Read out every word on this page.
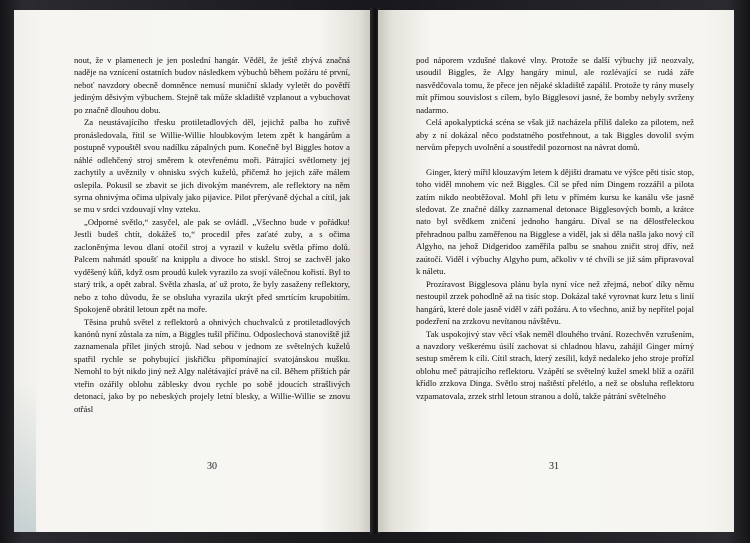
nout, že v plamenech je jen poslední hangár. Věděl, že ještě zbývá značná naděje na vznícení ostatních budov následkem výbuchů během požáru té první, neboť navzdory obecně domněnce nemusí muniční sklady vyletět do povětří jediným děsivým výbuchem. Stejně tak může skladiště vzplanout a vybuchovat po značně dlouhou dobu.

Za neustávajícího třesku protiletadlových děl, jejichž palba ho zuřivě pronásledovala, řítil se Willie-Willie hloubkovým letem zpět k hangárům a postupně vypouštěl svou nadílku zápalných pum. Konečně byl Biggles hotov a náhlé odlehčený stroj směrem k otevřenému moři. Pátrající světlomety jej zachytily a uvěznily v ohnisku svých kuželů, přičemž ho jejich záře málem oslepila. Pokusil se zbavit se jich divokým manévrem, ale reflektory na něm syrna ohnivýma očima ulpívaly jako pijavice. Pilot přerývaně dýchal a cítil, jak se mu v srdci vzdouvají vlny vzteku.

„Odporné světlo,“ zasyčel, ale pak se ovládl. „Všechno bude v pořádku! Jestli budeš chtít, dokážeš to,“ procedil přes zaťaté zuby, a s očima zacloněnýma levou dlaní otočil stroj a vyrazil v kuželu světla přímo dolů. Palcem nahmátl spoušť na knipplu a divoce ho stiskl. Stroj se zachvěl jako vyděšený kůň, když osm proudů kulek vyrazilo za svojí válečnou kořistí. Byl to starý trik, a opět zabral. Světla zhasla, ať už proto, že byly zasaženy reflektory, nebo z toho důvodu, že se obsluha vyrazila ukrýt před smrtícím krupobitím. Spokojeně obrátil letoun zpět na moře.

Těsina pruhů světel z reflektorů a ohnivých chuchvalců z protiletadlových kanónů nyní zůstala za ním, a Biggles tušil příčinu. Odposlechová stanoviště již zaznamenala přílet jiných strojů. Nad sebou v jednom ze světelných kuželů spatřil rychle se pohybující jiskřičku připomínající svatojánskou mušku. Nemohl to být nikdo jiný než Algy nalétávající právě na cíl. Během příštích pár vteřin ozářily oblohu záblesky dvou rychle po sobě jdoucích strašlivých detonací, jako by po nebeských projely letní blesky, a Willie-Willie se znovu otřásl

30

pod náporem vzdušné tlakové vlny. Protože se další výbuchy již neozvaly, usoudil Biggles, že Algy hangáry minul, ale rozlévající se rudá záře nasvědčovala tomu, že přece jen nějaké skladiště zapálil. Protože ty rány musely mít přímou souvislost s cílem, bylo Bigglesovi jasné, že bomby nebyly svrženy nadarmo.

Celá apokalyptická scéna se však již nacházela příliš daleko za pilotem, než aby z ní dokázal něco podstatného postřehnout, a tak Biggles dovolil svým nervům přepych uvolnění a soustředil pozornost na návrat domů.

Ginger, který mířil klouzavým letem k dějišti dramatu ve výšce pěti tisíc stop, toho viděl mnohem víc než Biggles. Cíl se před ním Dingem rozzářil a pilota zatím nikdo neobtěžoval. Mohl při letu v přímém kursu ke kanálu vše jasně sledovat. Ze značné dálky zaznamenal detonace Bigglesových bomb, a krátce nato byl svědkem zničení jednoho hangáru. Díval se na dělostřeleckou přehradnou palbu zaměřenou na Bigglese a viděl, jak si děla našla jako nový cíl Algyho, na jehož Didgeridoo zaměřila palbu se snahou zničit stroj dřív, než zaútočí. Viděl i výbuchy Algyho pum, ačkoliv v té chvíli se již sám připravoval k náletu.

Prozíravost Bigglesova plánu byla nyní více než zřejmá, neboť díky němu nestoupil zrzek pohodlně až na tisíc stop. Dokázal také vyrovnat kurz letu s linií hangárů, které dole jasně viděl v záři požáru. A to všechno, aniž by nepřítel pojal podezření na zrzkovu nevítanou návštěvu.

Tak uspokojivý stav věcí však neměl dlouhého trvání. Rozechvěn vzrušením, a navzdory veškerému úsilí zachovat si chladnou hlavu, zahájil Ginger mírný sestup směrem k cíli. Cítil strach, který zesílil, když nedaleko jeho stroje prořízl oblohu meč pátrajícího reflektoru. Vzápětí se světelný kužel smekl blíž a ozářil křídlo zrzkova Dinga. Světlo stroj naštěstí přelétlo, a než se obsluha reflektoru vzpamatovala, zrzek strhl letoun stranou a dolů, takže pátrání světelného

31
